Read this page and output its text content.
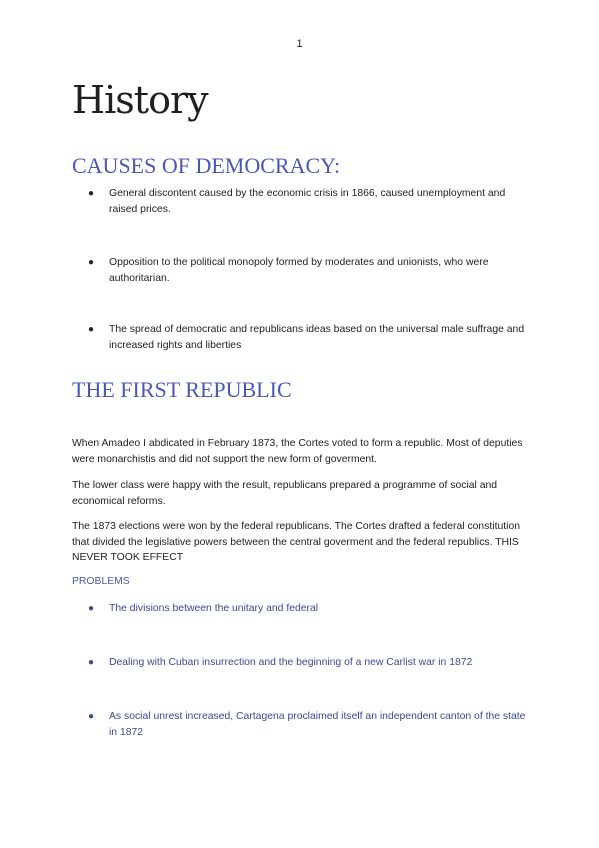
1
History
CAUSES OF DEMOCRACY:
●	General discontent caused by the economic crisis in 1866, caused unemployment and raised prices.
●	Opposition to the political monopoly formed by moderates and unionists, who were authoritarian.
●	The spread of democratic and republicans ideas based on the universal male suffrage and increased rights and liberties
THE FIRST REPUBLIC

When Amadeo I abdicated in February 1873, the Cortes voted to form a republic. Most of deputies were monarchistis and did not support the new form of goverment.

The lower class were happy with the result, republicans prepared a programme of social and economical reforms.

The 1873 elections were won by the federal republicans. The Cortes drafted a federal constitution that divided the legislative powers between the central goverment and the federal republics. THIS NEVER TOOK EFFECT

PROBLEMS

●	The divisions between the unitary and federal
●	Dealing with Cuban insurrection and the beginning of a new Carlist war in 1872
●	As social unrest increased, Cartagena proclaimed itself an independent canton of the state in 1872
